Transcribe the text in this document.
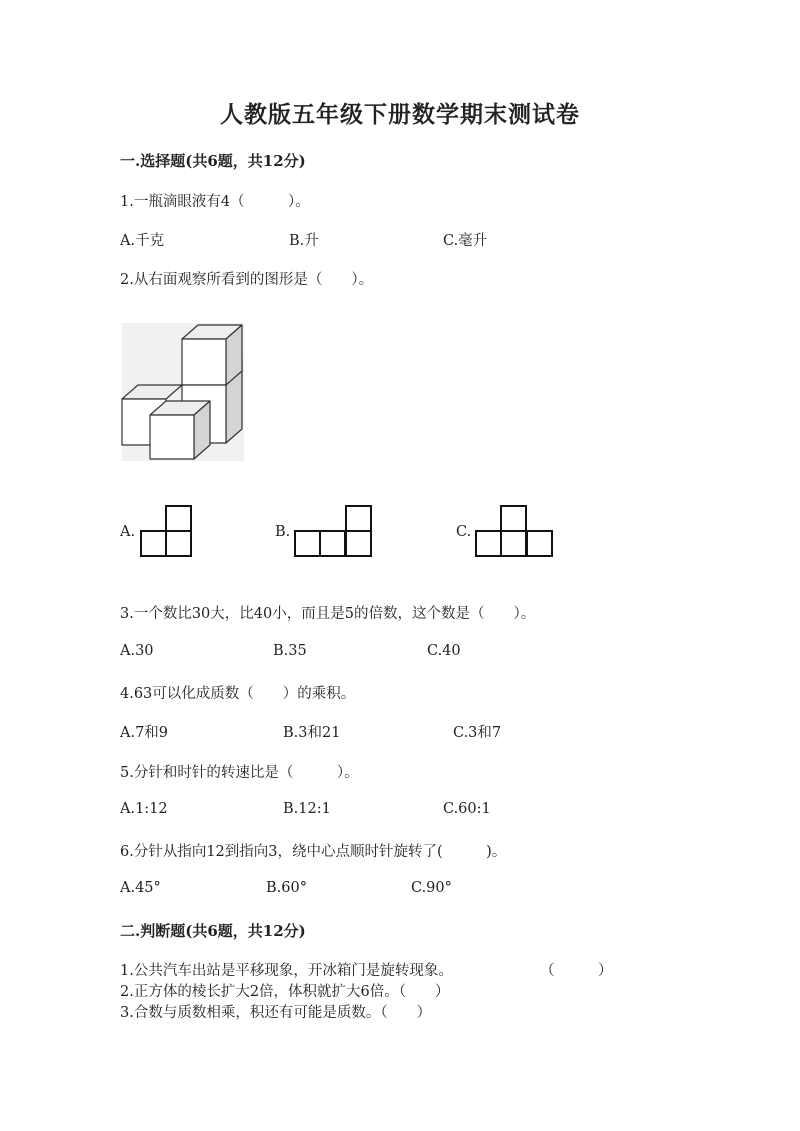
人教版五年级下册数学期末测试卷
一.选择题(共6题，共12分)
1.一瓶滴眼液有4（　　　）。
A.千克	B.升	C.毫升
2.从右面观察所看到的图形是（　　）。
A.	B.	C.
3.一个数比30大，比40小，而且是5的倍数，这个数是（　　）。
A.30	B.35	C.40
4.63可以化成质数（　　）的乘积。
A.7和9	B.3和21	C.3和7
5.分针和时针的转速比是（　　　）。
A.1:12	B.12:1	C.60:1
6.分针从指向12到指向3，绕中心点顺时针旋转了(　　　)。
A.45°	B.60°	C.90°
二.判断题(共6题，共12分)
1.公共汽车出站是平移现象，开冰箱门是旋转现象。	（　　　）
2.正方体的棱长扩大2倍，体积就扩大6倍。（　　）
3.合数与质数相乘，积还有可能是质数。（　　）
